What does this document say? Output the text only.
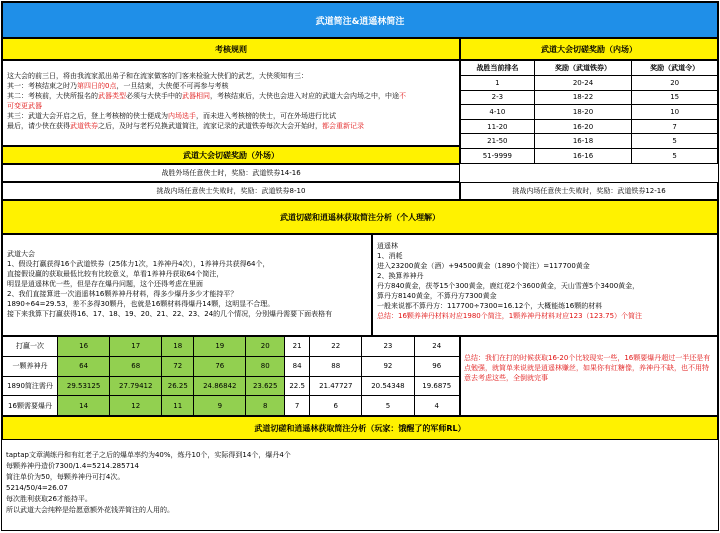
武道简注&逍遥林简注
考核规则	武道大会切磋奖励（内场）
这大会的前三日，将由我流家派出弟子和在流家做客的门客来检验大侠们的武艺，大侠须知有三：
其一：考核结束之时乃第四日的0点，一旦结束，大侠便不可再参与考核
其二：考核前，大侠所报名的武器类型必须与大侠手中的武器相同，考核结束后，大侠也会进入对应的武道大会内场之中，中途不
可变更武器
其三：武道大会开启之后，登上考核榜的侠士便成为内场选手，而未进入考核榜的侠士，可在外场进行比试
最后，请少侠在获得武道铁券之后，及时与老朽兑换武道简注，流家记录的武道铁券每次大会开始时，都会重新记录
战胜当前排名	奖励（武道铁券）	奖励（武道令）
1	20-24	20
2-3	18-22	15
4-10	18-20	10
11-20	16-20	7
21-50	16-18	5
51-9999	16-16	5
武道大会切磋奖励（外场）
战胜外场任意侠士时，奖励：武道铁券14-16
挑战内场任意侠士失败时，奖励：武道铁券8-10	挑战内场任意侠士失败时，奖励：武道铁券12-16
武道切磋和逍遥林获取简注分析（个人理解）
武道大会
1、假设打赢获得16个武道铁券（25体力1次，1养神丹4次），1养神丹共获得64个，
直接假设赢的获取最低比较有比较意义，单看1养神丹获取64个简注，
明显是逍遥林优一些，但是存在爆丹问题，这个还得考虑在里面
2、我们直接算进一次逍遥林16颗养神丹材料，得多少爆丹多少才能持平？
1890÷64=29.53，差不多得30颗丹，也就是16颗材料得爆丹14颗，这明显不合理。
接下来我算下打赢获得16、17、18、19、20、21、22、23、24的几个情况，分别爆丹需要下面表格有
逍遥林
1、消耗
进入23200黄金（酒）+94500黄金（1890个简注）=117700黄金
2、换算养神丹
丹方840黄金，茯苓15个300黄金，鹿红花2个3600黄金，天山雪莲5个3400黄金，
算丹方8140黄金，不算丹方7300黄金
一般来说都不算丹方：117700÷7300=16.12个，大概能练16颗的材料
总结：16颗养神丹材料对应1980个简注，1颗养神丹材料对应123（123.75）个简注
打赢一次	16	17	18	19	20	21	22	23	24
一颗养神丹	64	68	72	76	80	84	88	92	96
1890简注需丹	29.53125	27.79412	26.25	24.86842	23.625	22.5	21.47727	20.54348	19.6875
16颗需要爆丹	14	12	11	9	8	7	6	5	4
总结：我们在打的时候获取16-20个比较现实一些，16颗要爆丹超过一半还是有点勉强，就简单来说就是逍遥林赚丝，如果你有红糖像，养神丹不缺，也不用特意去考虑这些，全倒就完事
武道切磋和逍遥林获取简注分析（玩家：饿醒了的军师RL）
taptap文章满练丹和有红老子之后的爆单率约为40%，炼丹10个，实际得到14个，爆丹4个
每颗养神丹造价7300/1.4=5214.285714
简注单价为50，每颗养神丹可打4次。
5214/50/4=26.07
每次胜利获取26才能持平。
所以武道大会纯粹是给愿意额外花钱弄简注的人用的。
